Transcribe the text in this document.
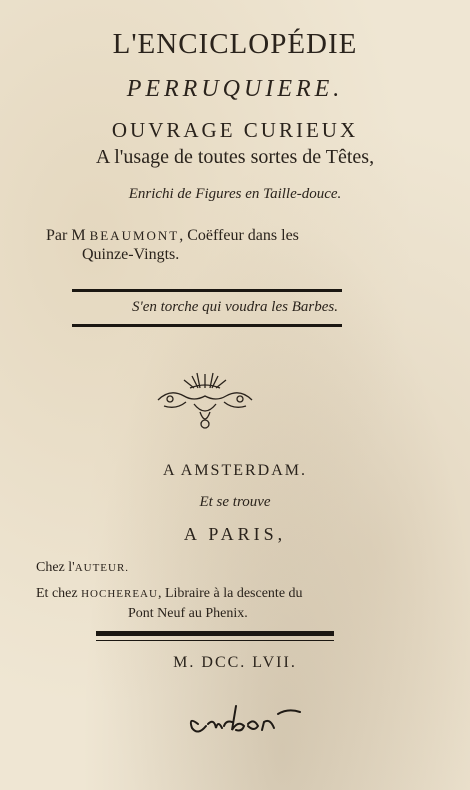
L'ENCICLOPÉDIE
PERRUQUIERE.
OUVRAGE CURIEUX
A l'usage de toutes sortes de Têtes,
Enrichi de Figures en Taille-douce.
Par M BEAUMONT, Coëffeur dans les
Quinze-Vingts.
S'en torche qui voudra les Barbes.
A AMSTERDAM.
Et se trouve
A PARIS,
Chez l'AUTEUR.
Et chez HOCHEREAU, Libraire à la descente du
Pont Neuf au Phenix.
M. DCC. LVII.
